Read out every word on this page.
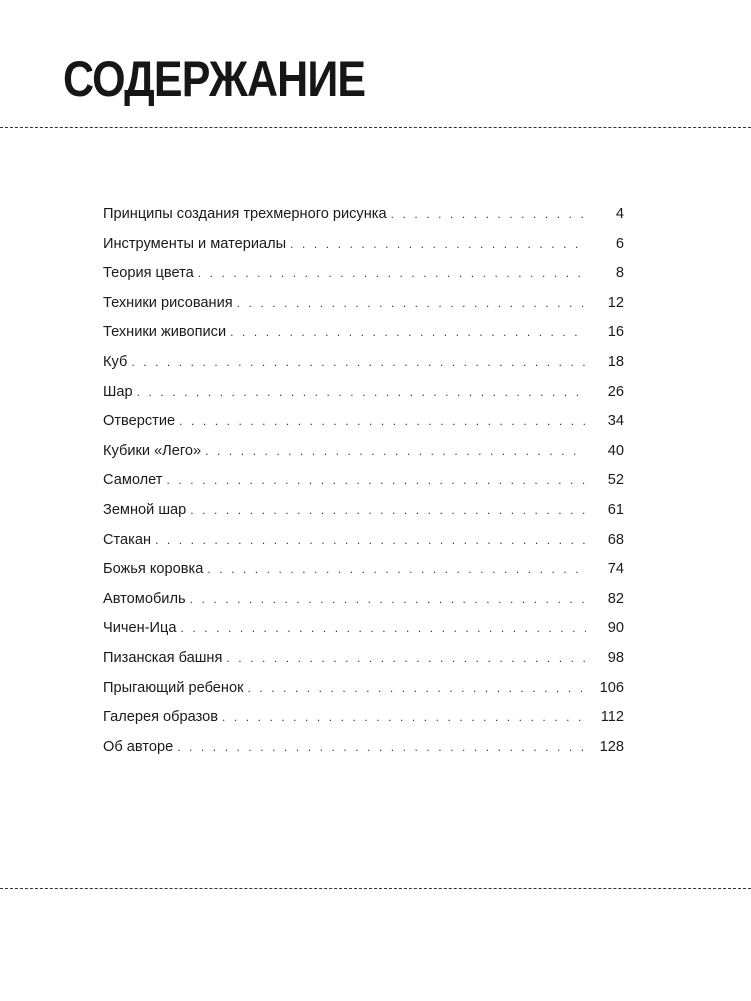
СОДЕРЖАНИЕ
Принципы создания трехмерного рисунка . . .	4
Инструменты и материалы . . .	6
Теория цвета . . .	8
Техники рисования . . .	12
Техники живописи . . .	16
Куб . . .	18
Шар . . .	26
Отверстие . . .	34
Кубики «Лего» . . .	40
Самолет . . .	52
Земной шар . . .	61
Стакан . . .	68
Божья коровка . . .	74
Автомобиль . . .	82
Чичен-Ица . . .	90
Пизанская башня . . .	98
Прыгающий ребенок . . .	106
Галерея образов . . .	112
Об авторе . . .	128
